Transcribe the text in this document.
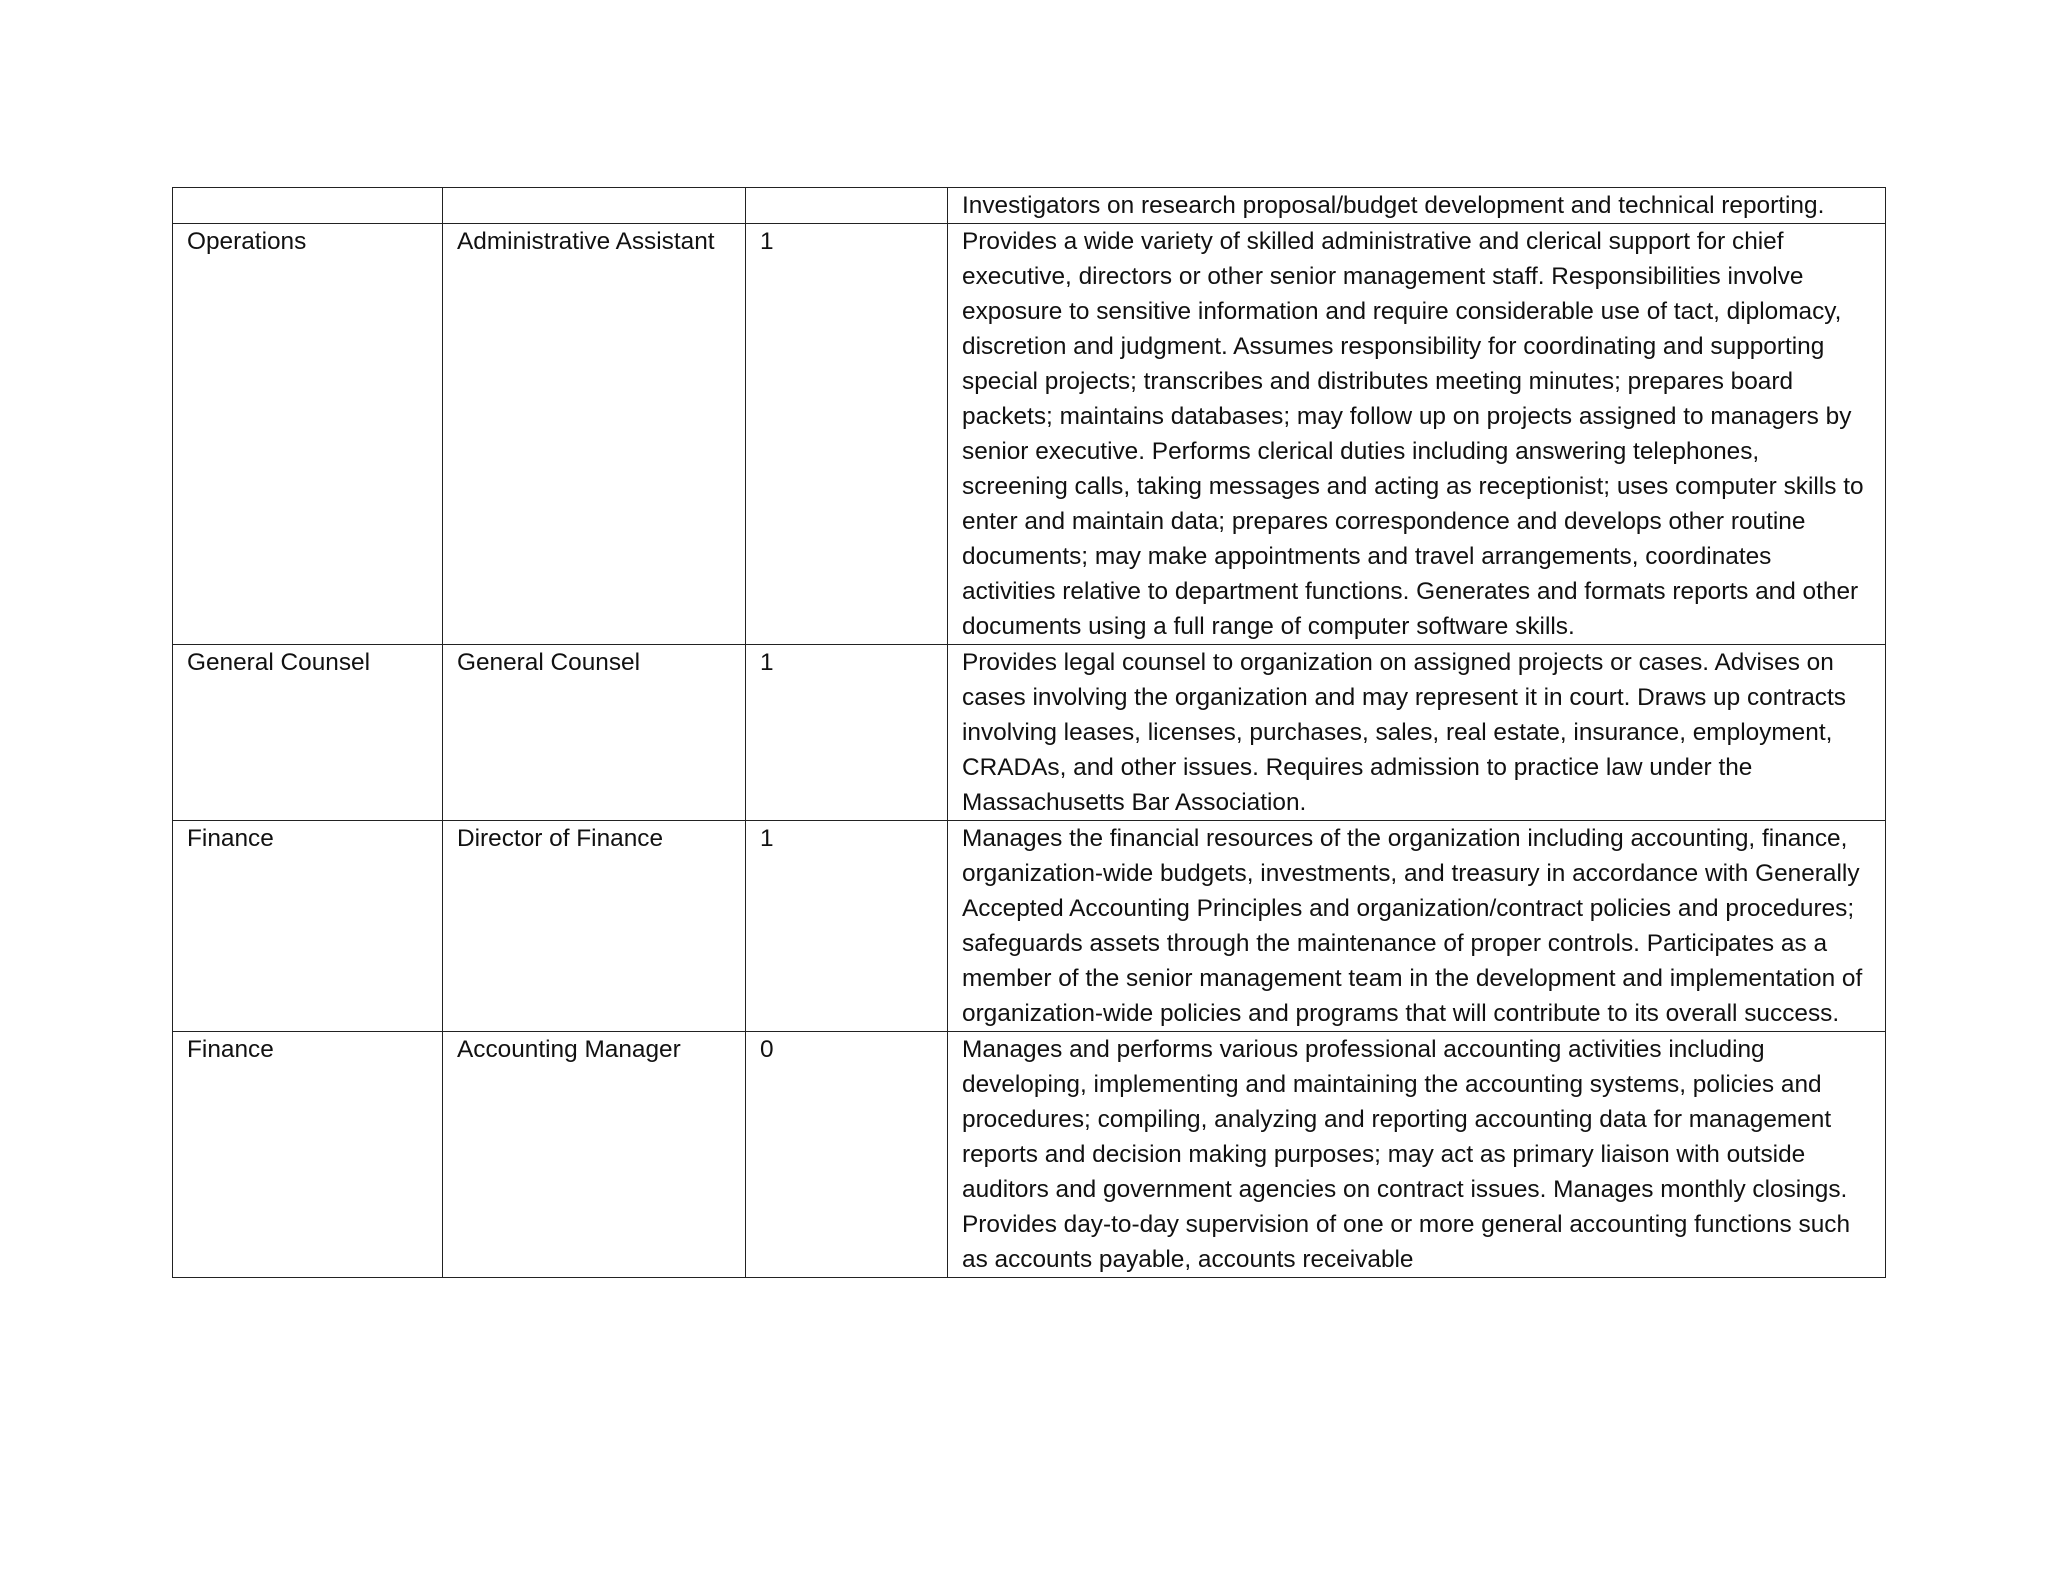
			Investigators on research proposal/budget development and technical reporting.
Operations	Administrative Assistant	1	Provides a wide variety of skilled administrative and clerical support for chief executive, directors or other senior management staff. Responsibilities involve exposure to sensitive information and require considerable use of tact, diplomacy, discretion and judgment. Assumes responsibility for coordinating and supporting special projects; transcribes and distributes meeting minutes; prepares board packets; maintains databases; may follow up on projects assigned to managers by senior executive. Performs clerical duties including answering telephones, screening calls, taking messages and acting as receptionist; uses computer skills to enter and maintain data; prepares correspondence and develops other routine documents; may make appointments and travel arrangements, coordinates activities relative to department functions. Generates and formats reports and other documents using a full range of computer software skills.
General Counsel	General Counsel	1	Provides legal counsel to organization on assigned projects or cases. Advises on cases involving the organization and may represent it in court. Draws up contracts involving leases, licenses, purchases, sales, real estate, insurance, employment, CRADAs, and other issues. Requires admission to practice law under the Massachusetts Bar Association.
Finance	Director of Finance	1	Manages the financial resources of the organization including accounting, finance, organization-wide budgets, investments, and treasury in accordance with Generally Accepted Accounting Principles and organization/contract policies and procedures; safeguards assets through the maintenance of proper controls. Participates as a member of the senior management team in the development and implementation of organization-wide policies and programs that will contribute to its overall success.
Finance	Accounting Manager	0	Manages and performs various professional accounting activities including developing, implementing and maintaining the accounting systems, policies and procedures; compiling, analyzing and reporting accounting data for management reports and decision making purposes; may act as primary liaison with outside auditors and government agencies on contract issues. Manages monthly closings. Provides day-to-day supervision of one or more general accounting functions such as accounts payable, accounts receivable
